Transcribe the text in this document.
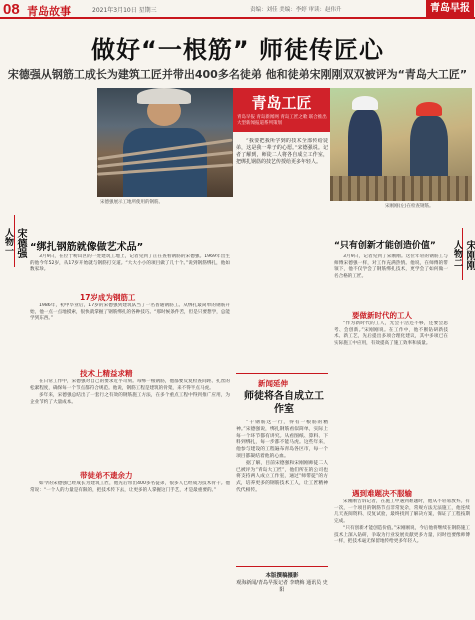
08 青岛故事	2021年3月10日 星期三	责编：刘佳 美编：李婷 审读：赵伟升	青岛早报
做好“一根筋” 师徒传匠心
宋德强从钢筋工成长为建筑工匠并带出400多名徒弟 他和徒弟宋刚刚双双被评为“青岛大工匠”
宋德强展示工地所使用的钢筋。
青岛工匠
青岛早报 青岛新闻网 青岛工匠之歌 联合推出大型新闻报道系列策划
宋刚刚(左)在检查钢筋。
人物一 宋德强	人物二 宋刚刚
“绑扎钢筋就像做艺术品”

3月9日，在位于崂山区的一处建筑工地上，记者见到了正在查看钢筋的宋德强。1969年出生的他今年52岁，从17岁开始就与钢筋打交道。“大大小小的项目做了几十个。”说到钢筋绑扎，他如数家珍。

17岁成为钢筋工

1986年，初中毕业后，17岁的宋德强到建筑队当了一名普通钢筋工。从绑扎最简单的钢筋开始，他一点一点地摸索，很快就掌握了钢筋绑扎的各种技巧。“那时候条件苦，但是只要想学，总能学到东西。”

技术上精益求精

在日常工作中，宋德强对自己的要求近乎苛刻。每绑一根钢筋，他都要反复检查间距、扎丝的松紧程度，确保每一个节点都符合规范。他说，钢筋工程是建筑的骨架，来不得半点马虎。

多年来，宋德强总结出了一套行之有效的钢筋施工方法，在多个重点工程中得到推广应用，为企业节约了大量成本。

带徒弟不遗余力

如今的宋德强已经成长为建筑工匠，他先后带出400多名徒弟，很多人已经成为技术骨干。他常说：“一个人的力量是有限的，把技术传下去，让更多的人掌握这门手艺，才是最重要的。”

“我要把我所学到的技术全部传给徒弟，这是我一辈子的心愿。”宋德强说。记者了解到，师徒二人将各自成立工作室，把绑扎钢筋的技艺传授给更多年轻人。

新闻延伸
师徒将各自成立工作室

“干钢筋这一行，得有一根筋的精神。”宋德强说，绑扎钢筋看似简单，实际上每一个环节都有讲究。从看图纸、算料、下料到绑扎，每一步都不能马虎。这些年来，他参与建设的工程遍布青岛各区市，每一个项目都凝结着他的心血。

据了解，目前宋德强和宋刚刚师徒二人已被评为“青岛大工匠”，他们所在的公司也将支持两人成立工作室，通过“师带徒”的方式，培养更多的钢筋技术工人，让工匠精神代代相传。

本版撰稿摄影
观海新闻/青岛早报记者 李晓梅 通讯员 史阳
“只有创新才能创造价值”

3月9日，记者见到了宋刚刚。这位年轻的钢筋工与师傅宋德强一样，对工作充满热情。他说，在师傅的带领下，他不仅学会了钢筋绑扎技术，更学会了如何做一名合格的工匠。

要做新时代的工人

“作为新时代的工人，光会干活还不够，还要会思考、会创新。”宋刚刚说。在工作中，他不断钻研新技术、新工艺，先后提出多项合理化建议，其中多项已在实际施工中应用，有效提高了施工效率和质量。

遇到难题决不服输

宋刚刚告诉记者，在施工中遇到难题时，他从不轻易放弃。有一次，一个项目的钢筋节点非常复杂，常规方法无法施工，他连续几天查阅资料、反复试验，最终找到了解决方案，保证了工程按期完成。

“只有创新才能创造价值。”宋刚刚说，今后他将继续在钢筋施工技术上深入钻研，争取为行业发展贡献更多力量，同时也要像师傅一样，把技术毫无保留地传给更多年轻人。
